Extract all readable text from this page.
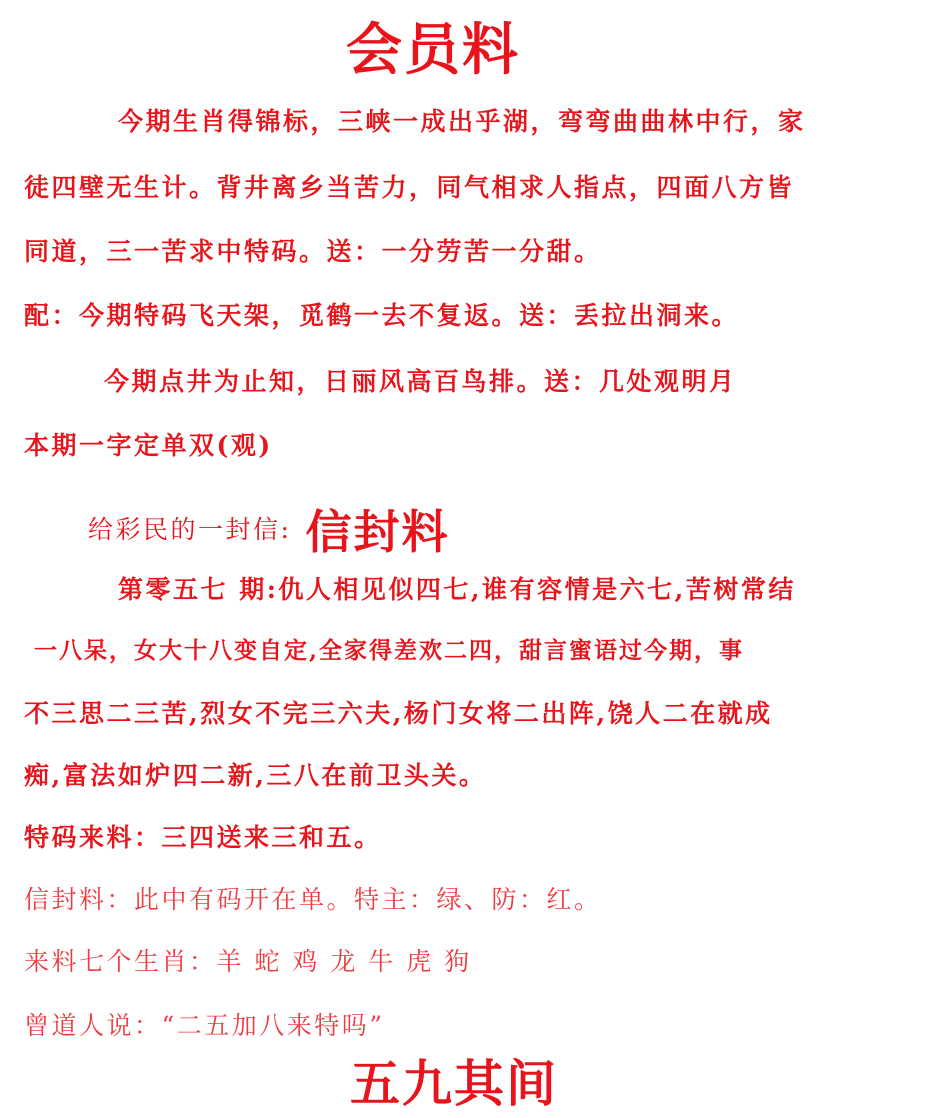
会员料
今期生肖得锦标，三峡一成出乎湖，弯弯曲曲林中行，家
徒四壁无生计。背井离乡当苦力，同气相求人指点，四面八方皆
同道，三一苦求中特码。送：一分劳苦一分甜。
配：今期特码飞天架，觅鹤一去不复返。送：丢拉出洞来。
今期点井为止知，日丽风高百鸟排。送：几处观明月
本期一字定单双(观)
给彩民的一封信: 信封料
第零五七 期:仇人相见似四七,谁有容情是六七,苦树常结
一八呆，女大十八变自定,全家得差欢二四，甜言蜜语过今期，事
不三思二三苦,烈女不完三六夫,杨门女将二出阵,饶人二在就成
痴,富法如炉四二新,三八在前卫头关。
特码来料：三四送来三和五。
信封料：此中有码开在单。特主：绿、防：红。
来料七个生肖：羊 蛇 鸡 龙 牛 虎 狗
曾道人说：“二五加八来特吗”
五九其间
